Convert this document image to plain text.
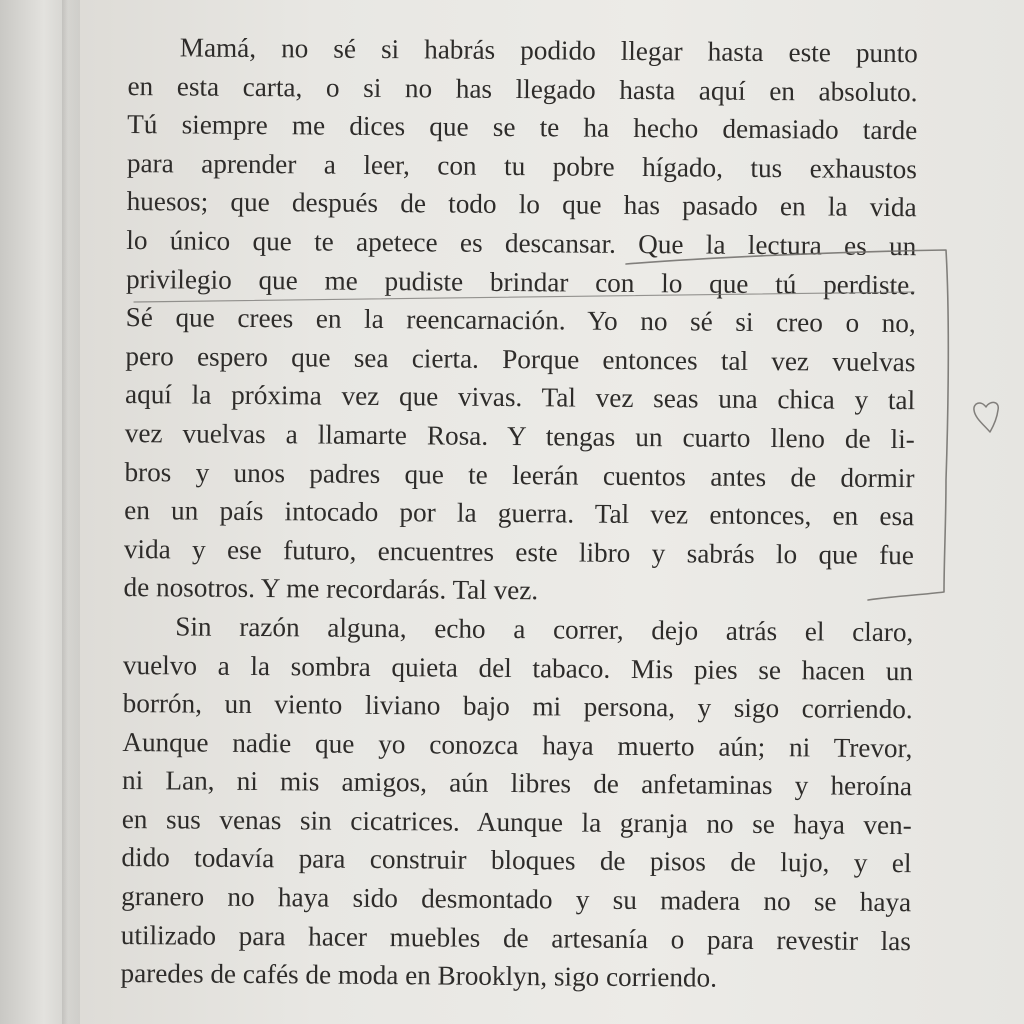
Mamá, no sé si habrás podido llegar hasta este punto
en esta carta, o si no has llegado hasta aquí en absoluto.
Tú siempre me dices que se te ha hecho demasiado tarde
para aprender a leer, con tu pobre hígado, tus exhaustos
huesos; que después de todo lo que has pasado en la vida
lo único que te apetece es descansar. Que la lectura es un
privilegio que me pudiste brindar con lo que tú perdiste.
Sé que crees en la reencarnación. Yo no sé si creo o no,
pero espero que sea cierta. Porque entonces tal vez vuelvas
aquí la próxima vez que vivas. Tal vez seas una chica y tal
vez vuelvas a llamarte Rosa. Y tengas un cuarto lleno de li-
bros y unos padres que te leerán cuentos antes de dormir
en un país intocado por la guerra. Tal vez entonces, en esa
vida y ese futuro, encuentres este libro y sabrás lo que fue
de nosotros. Y me recordarás. Tal vez.
Sin razón alguna, echo a correr, dejo atrás el claro,
vuelvo a la sombra quieta del tabaco. Mis pies se hacen un
borrón, un viento liviano bajo mi persona, y sigo corriendo.
Aunque nadie que yo conozca haya muerto aún; ni Trevor,
ni Lan, ni mis amigos, aún libres de anfetaminas y heroína
en sus venas sin cicatrices. Aunque la granja no se haya ven-
dido todavía para construir bloques de pisos de lujo, y el
granero no haya sido desmontado y su madera no se haya
utilizado para hacer muebles de artesanía o para revestir las
paredes de cafés de moda en Brooklyn, sigo corriendo.
